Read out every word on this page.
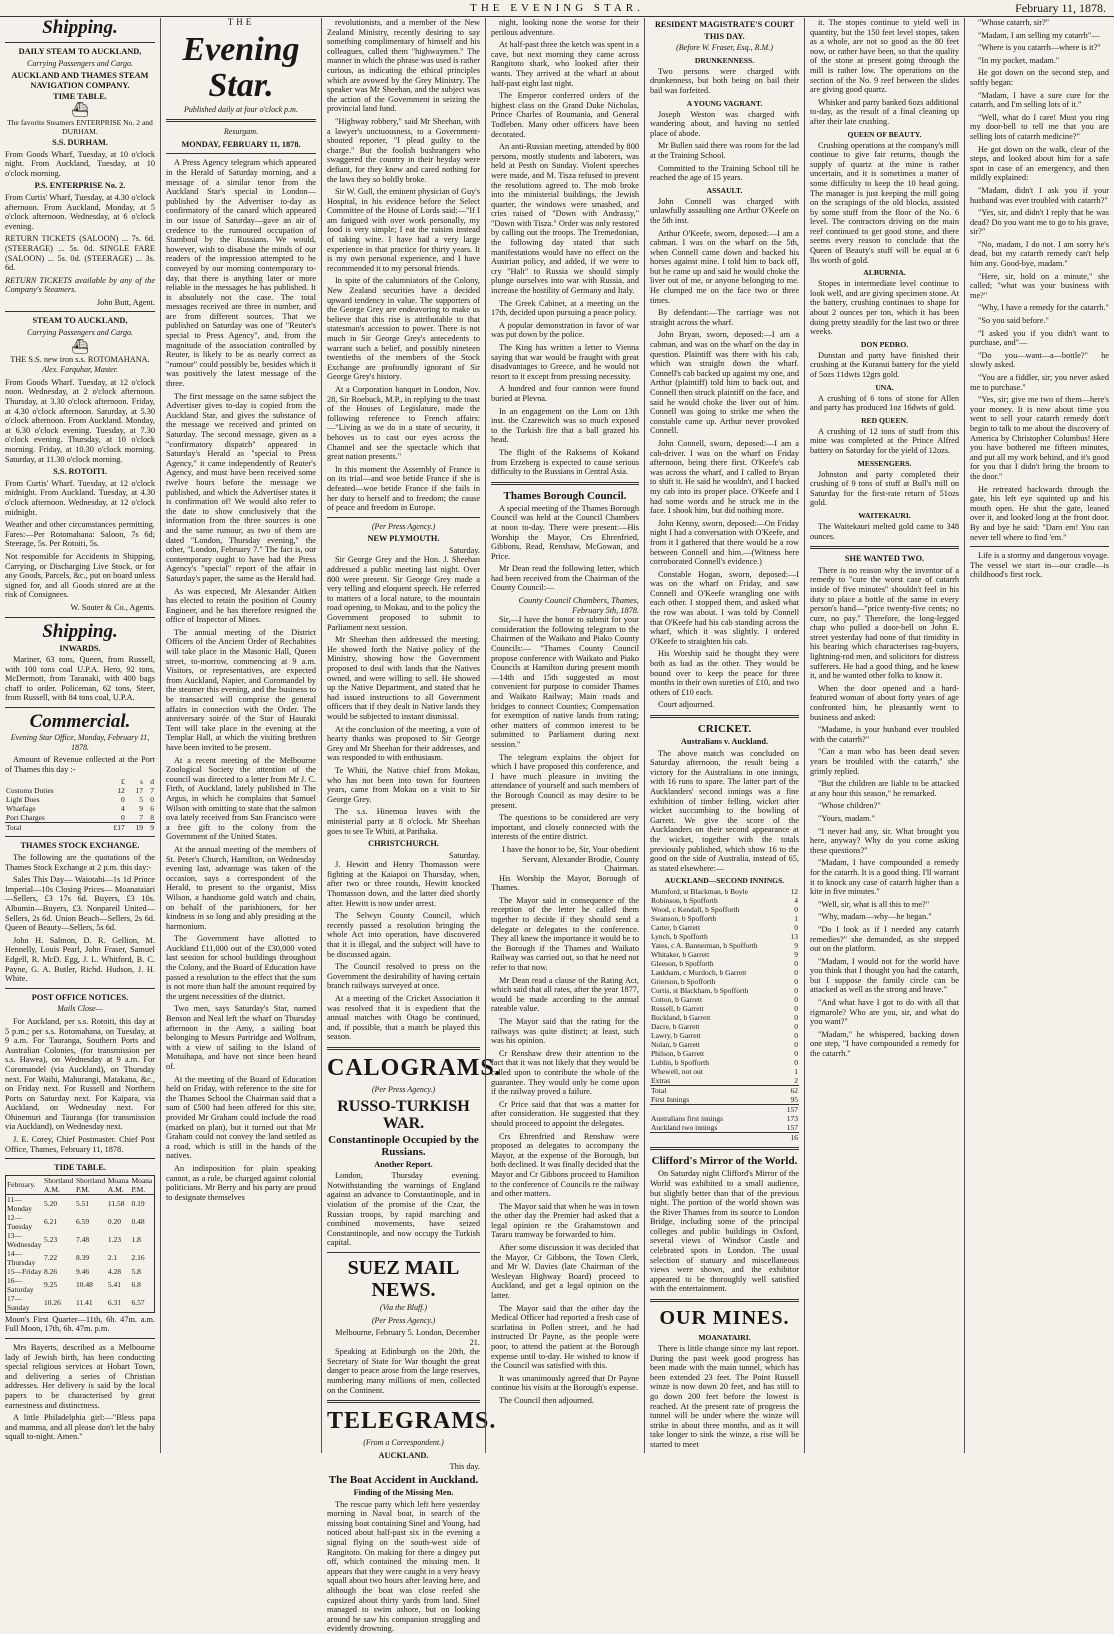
THE EVENING STAR.	February 11, 1878.
Shipping.
DAILY STEAM TO AUCKLAND,
Carrying Passengers and Cargo.
AUCKLAND AND THAMES STEAM NAVIGATION COMPANY.
TIME TABLE.
⛴
The favorite Steamers ENTERPRISE No. 2 and DURHAM.
S.S. DURHAM.

From Goods Wharf, Tuesday, at 10 o'clock night. From Auckland, Tuesday, at 10 o'clock morning.

P.S. ENTERPRISE No. 2.

From Curtis' Wharf, Tuesday, at 4.30 o'clock afternoon. From Auckland, Monday, at 5 o'clock afternoon. Wednesday, at 6 o'clock evening.

RETURN TICKETS (SALOON) ... 7s. 6d. (STEERAGE) ... 5s. 0d. SINGLE FARE (SALOON) ... 5s. 0d. (STEERAGE) ... 3s. 6d.

RETURN TICKETS available by any of the Company's Steamers.

John Butt, Agent.
STEAM TO AUCKLAND,
Carrying Passengers and Cargo.
⛴
THE S.S. new iron s.s. ROTOMAHANA.
Alex. Farquhar, Master.

From Goods Wharf. Tuesday, at 12 o'clock noon. Wednesday, at 2 o'clock afternoon. Thursday, at 3.30 o'clock afternoon. Friday, at 4.30 o'clock afternoon. Saturday, at 5.30 o'clock afternoon. From Auckland. Monday, at 6.30 o'clock evening. Tuesday, at 7.30 o'clock evening. Thursday, at 10 o'clock morning. Friday, at 10.30 o'clock morning. Saturday, at 11.30 o'clock morning.

S.S. ROTOITI.

From Curtis' Wharf. Tuesday, at 12 o'clock midnight. From Auckland. Tuesday, at 4.30 o'clock afternoon. Wednesday, at 12 o'clock midnight.

Weather and other circumstances permitting. Fares:—Per Rotomahana: Saloon, 7s 6d; Steerage, 5s. Per Rotoiti, 5s.

Not responsible for Accidents in Shipping, Carrying, or Discharging Live Stock, or for any Goods, Parcels, &c., put on board unless signed for, and all Goods stored are at the risk of Consignees.

W. Souter & Co., Agents.
Shipping.
INWARDS.

Mariner, 63 tons, Queen, from Russell, with 100 tons coal U.P.A. Hero, 92 tons, McDermott, from Taranaki, with 400 bags chaff to order. Policeman, 62 tons, Steer, from Russell, with 84 tons coal, U.P.A.

Commercial.
Evening Star Office, Monday, February 11, 1878.

Amount of Revenue collected at the Port of Thames this day :-

	£	s	d
Customs Duties	12	17	7
Light Dues	0	5	0
Wharfage	4	9	6
Port Charges	0	7	8
Total	£17	19	9
THAMES STOCK EXCHANGE.

The following are the quotations of the Thames Stock Exchange at 2 p.m. this day:-

Sales This Day— Waiotahi—1s 1d Prince Imperial—10s Closing Prices— Moanataiari—Sellers, £3 17s 6d. Buyers, £3 10s. Albumin—Buyers, £3. Nonpareil United—Sellers, 2s 6d. Union Beach—Sellers, 2s 6d. Queen of Beauty—Sellers, 5s 6d.

John H. Salmon, D. R. Gellion, M. Hennelly, Louis Pearl, John Fraser, Samuel Edgell, R. McD. Egg, J. L. Whitford, B. C. Payne, G. A. Butler, Richd. Hudson, J. H. White.

POST OFFICE NOTICES.
Mails Close—

For Auckland, per s.s. Rotoiti, this day at 5 p.m.; per s.s. Rotomahana, on Tuesday, at 9 a.m. For Tauranga, Southern Ports and Australian Colonies, (for transmission per s.s. Hawea), on Wednesday at 9 a.m. For Coromandel (via Auckland), on Thursday next. For Waihi, Mahurangi, Matakana, &c., on Friday next. For Russell and Northern Ports on Saturday next. For Kaipara, via Auckland, on Wednesday next. For Ohinemuri and Tauranga (for transmission via Auckland), on Wednesday next.

J. E. Corey, Chief Postmaster. Chief Post Office, Thames, February 11, 1878.

TIDE TABLE.
February.	Shortland A.M.	Shortland P.M.	Moana A.M.	Moana P.M.
11—Monday	5.20	5.51	11.58	0.19
12—Tuesday	6.21	6.59	0.20	0.48
13—Wednesday	5.23	7.48	1.23	1.8
14—Thursday	7.22	8.39	2.1	2.16
15—Friday	8.26	9.46	4.28	5.8
16—Saturday	9.25	10.48	5.41	6.8
17—Sunday	10.26	11.41	6.31	6.57

Moon's First Quarter—11th, 6h. 47m. a.m. Full Moon, 17th, 6h. 47m. p.m.

Mrs Bayerts, described as a Melbourne lady of Jewish birth, has been conducting special religious services at Hobart Town, and delivering a series of Christian addresses. Her delivery is said by the local papers to be characterised by great earnestness and distinctness.

A little Philadelphia girl:—"Bless papa and mamma, and all please don't let the baby squall to-night. Amen."

THE
Evening Star.
Published daily at four o'clock p.m.
Resurgam.
MONDAY, FEBRUARY 11, 1878.

A Press Agency telegram which appeared in the Herald of Saturday morning, and a message of a similar tenor from the Auckland Star's special in London—published by the Advertiser to-day as confirmatory of the canard which appeared in our issue of Saturday—gave an air of credence to the rumoured occupation of Stamboul by the Russians. We would, however, wish to disabuse the minds of our readers of the impression attempted to be conveyed by our morning contemporary to-day, that there is anything later or more reliable in the messages he has published. It is absolutely not the case. The total messages received are three in number, and are from different sources. That we published on Saturday was one of "Reuter's special to Press Agency", and, from the magnitude of the association controlled by Reuter, is likely to be as nearly correct as "rumour" could possibly be, besides which it was positively the latest message of the three.

The first message on the same subject the Advertiser gives to-day is copied from the Auckland Star, and gives the substance of the message we received and printed on Saturday. The second message, given as a "confirmatory dispatch" appeared in Saturday's Herald as "special to Press Agency," it came independently of Reuter's Agency, and must have been received some twelve hours before the message we published, and which the Advertiser states it is confirmation of! We would also refer to the date to show conclusively that the information from the three sources is one and the same rumour, as two of them are dated "London, Thursday evening," the other, "London, February 7." The fact is, our contemporary ought to have had the Press Agency's "special" report of the affair in Saturday's paper, the same as the Herald had.

As was expected, Mr Alexander Aitken has elected to retain the position of County Engineer, and he has therefore resigned the office of Inspector of Mines.

The annual meeting of the District Officers of the Ancient Order of Rechabites will take place in the Masonic Hall, Queen street, to-morrow, commencing at 9 a.m. Visitors, or representatives, are expected from Auckland, Napier, and Coromandel by the steamer this evening, and the business to be transacted will comprise the general affairs in connection with the Order. The anniversary soirée of the Star of Hauraki Tent will take place in the evening at the Templar Hall, at which the visiting brethren have been invited to be present.

At a recent meeting of the Melbourne Zoological Society the attention of the council was directed to a letter from Mr J. C. Firth, of Auckland, lately published in The Argus, in which he complains that Samuel Wilson with omitting to state that the salmon ova lately received from San Francisco were a free gift to the colony from the Government of the United States.

At the annual meeting of the members of St. Peter's Church, Hamilton, on Wednesday evening last, advantage was taken of the occasion, says a correspondent of the Herald, to present to the organist, Miss Wilson, a handsome gold watch and chain, on behalf of the parishioners, for her kindness in so long and ably presiding at the harmonium.

The Government have allotted to Auckland £11,000 out of the £30,000 voted last session for school buildings throughout the Colony, and the Board of Education have passed a resolution to the effect that the sum is not more than half the amount required by the urgent necessities of the district.

Two men, says Saturday's Star, named Benson and Neal left the wharf on Thursday afternoon in the Amy, a sailing boat belonging to Messrs Partridge and Wolfram, with a view of sailing to the Island of Motuihapa, and have not since been heard of.

At the meeting of the Board of Education held on Friday, with reference to the site for the Thames School the Chairman said that a sum of £500 had been offered for this site, provided Mr Graham could include the road (marked on plan), but it turned out that Mr Graham could not convey the land settled as a road, which is still in the hands of the natives.

An indisposition for plain speaking cannot, as a rule, be charged against colonial politicians. Mr Berry and his party are proud to designate themselves

revolutionists, and a member of the New Zealand Ministry, recently desiring to say something complimentary of himself and his colleagues, called them "highwaymen." The manner in which the phrase was used is rather curious, as indicating the ethical principles which are avowed by the Grey Ministry. The speaker was Mr Sheehan, and the subject was the action of the Government in seizing the provincial land fund.

"Highway robbery," said Mr Sheehan, with a lawyer's unctuousness, to a Government-shouted reporter, "I plead guilty to the charge." But the foolish bushrangers who swaggered the country in their heyday were defiant, for they knew and cared nothing for the laws they so boldly broke.

Sir W. Gull, the eminent physician of Guy's Hospital, in his evidence before the Select Committee of the House of Lords said:—"If I am fatigued with over work personally, my food is very simple; I eat the raisins instead of taking wine. I have had a very large experience in that practice for thirty years. It is my own personal experience, and I have recommended it to my personal friends.

In spite of the calumniators of the Colony, New Zealand securities have a decided upward tendency in value. The supporters of the George Grey are endeavoring to make us believe that this rise is attributable to that statesman's accession to power. There is not much in Sir George Grey's antecedents to warrant such a belief, and possibly nineteen twentieths of the members of the Stock Exchange are profoundly ignorant of Sir George Grey's history.

At a Corporation banquet in London, Nov. 28, Sir Roebuck, M.P., in replying to the toast of the Houses of Legislature, made the following reference to French affairs:—"Living as we do in a state of security, it behoves us to cast our eyes across the Channel and see the spectacle which that great nation presents."

In this moment the Assembly of France is on its trial—and woe betide France if she is defeated—woe betide France if she fails in her duty to herself and to freedom; the cause of peace and freedom in Europe.

(Per Press Agency.)
NEW PLYMOUTH.
Saturday.

Sir George Grey and the Hon. J. Sheehan addressed a public meeting last night. Over 800 were present. Sir George Grey made a very telling and eloquent speech. He referred to matters of a local nature, to the mountain road opening, to Mokau, and to the policy the Government proposed to submit to Parliament next session.

Mr Sheehan then addressed the meeting. He showed forth the Native policy of the Ministry, showing how the Government proposed to deal with lands that the Natives owned, and were willing to sell. He showed up the Native Department, and stated that he had issued instructions to all Government officers that if they dealt in Native lands they would be subjected to instant dismissal.

At the conclusion of the meeting, a vote of hearty thanks was proposed to Sir George Grey and Mr Sheehan for their addresses, and was responded to with enthusiasm.

Te Whiti, the Native chief from Mokau, who has not been into town for fourteen years, came from Mokau on a visit to Sir George Grey.

The s.s. Hinemoa leaves with the ministerial party at 8 o'clock. Mr Sheehan goes to see Te Whiti, at Parihaka.

CHRISTCHURCH.
Saturday.

J. Hewitt and Henry Thomasson were fighting at the Kaiapoi on Thursday, when, after two or three rounds, Hewitt knocked Thomasson down, and the latter died shortly after. Hewitt is now under arrest.

The Selwyn County Council, which recently passed a resolution bringing the whole Act into operation, have discovered that it is illegal, and the subject will have to be discussed again.

The Council resolved to press on the Government the desirability of having certain branch railways surveyed at once.

At a meeting of the Cricket Association it was resolved that it is expedient that the annual matches with Otago be continued, and, if possible, that a match be played this season.

CALOGRAMS.
(Per Press Agency.)
RUSSO-TURKISH WAR.
Constantinople Occupied by the Russians.
Another Report.

London, Thursday evening. Notwithstanding the warnings of England against an advance to Constantinople, and in violation of the promise of the Czar, the Russian troops, by rapid marching and combined movements, have seized Constantinople, and now occupy the Turkish capital.

SUEZ MAIL NEWS.
(Via the Bluff.)
(Per Press Agency.)
Melbourne, February 5. London, December 21.

Speaking at Edinburgh on the 20th, the Secretary of State for War thought the great danger to peace arose from the large reserves, numbering many millions of men, collected on the Continent.

TELEGRAMS.
(From a Correspondent.)
AUCKLAND.
This day.
The Boat Accident in Auckland.
Finding of the Missing Men.

The rescue party which left here yesterday morning in Naval boat, in search of the missing boat containing Sinel and Young, had noticed about half-past six in the evening a signal flying on the south-west side of Rangitoto. On making for there a dingey put off, which contained the missing men. It appears that they were caught in a very heavy squall about two hours after leaving here, and although the boat was close reefed she capsized about thirty yards from land. Sinel managed to swim ashore, but on looking around he saw his companion struggling and evidently drowning.

night, looking none the worse for their perilous adventure.

At half-past three the ketch was spent in a cave, but next morning they came across Rangitoto shark, who looked after their wants. They arrived at the wharf at about half-past eight last night.

The Emperor conferred orders of the highest class on the Grand Duke Nicholas, Prince Charles of Roumania, and General Todleben. Many other officers have been decorated.

An anti-Russian meeting, attended by 800 persons, mostly students and laborers, was held at Pesth on Sunday. Violent speeches were made, and M. Tisza refused to prevent the resolutions agreed to. The mob broke into the ministerial buildings, the Jewish quarter, the windows were smashed, and cries raised of "Down with Andrassy," "Down with Tisza." Order was only restored by calling out the troops. The Tremedonian, the following day stated that such manifestations would have no effect on the Austrian policy, and added, if we were to cry "Halt" to Russia we should simply plunge ourselves into war with Russia, and increase the hostility of Germany and Italy.

The Greek Cabinet, at a meeting on the 17th, decided upon pursuing a peace policy.

A popular demonstration in favor of war was put down by the police.

The King has written a letter to Vienna saying that war would be fraught with great disadvantages to Greece, and he would not resort to it except from pressing necessity.

A hundred and four cannon were found buried at Plevna.

In an engagement on the Lom on 13th inst. the Czarewitch was so much exposed to the Turkish fire that a ball grazed his head.

The flight of the Raksems of Kokand from Erzeberg is expected to cause serious difficulty to the Russians in Central Asia.

Thames Borough Council.

A special meeting of the Thames Borough Council was held at the Council Chambers at noon to-day. There were present:—His Worship the Mayor, Crs Ehrenfried, Gibbons, Read, Renshaw, McGowan, and Price.

Mr Dean read the following letter, which had been received from the Chairman of the County Council:—

County Council Chambers, Thames, February 5th, 1878.

Sir,—I have the honor to submit for your consideration the following telegram to the Chairmen of the Waikato and Piako County Councils:— "Thames County Council propose conference with Waikato and Piako Councils at Hamilton during present month—14th and 15th suggested as most convenient for purpose to consider Thames and Waikato Railway; Main roads and bridges to connect Counties; Compensation for exemption of native lands from rating; other matters of common interest to be submitted to Parliament during next session."

The telegram explains the object for which I have proposed this conference, and I have much pleasure in inviting the attendance of yourself and such members of the Borough Council as may desire to be present.

The questions to be considered are very important, and closely connected with the interests of the entire district.

I have the honor to be, Sir, Your obedient Servant, Alexander Brodie, County Chairman.

His Worship the Mayor, Borough of Thames.

The Mayor said in consequence of the reception of the letter he called them together to decide if they should send a delegate or delegates to the conference. They all knew the importance it would be to the Borough if the Thames and Waikato Railway was carried out, so that he need not refer to that now.

Mr Dean read a clause of the Rating Act, which said that all rates, after the year 1877, would be made according to the annual rateable value.

The Mayor said that the rating for the railways was quite distinct; at least, such was his opinion.

Cr Renshaw drew their attention to the fact that it was not likely that they would be called upon to contribute the whole of the guarantee. They would only be come upon if the railway proved a failure.

Cr Price said that that was a matter for after consideration. He suggested that they should proceed to appoint the delegates.

Crs Ehrenfried and Renshaw were proposed as delegates to accompany the Mayor, at the expense of the Borough, but both declined. It was finally decided that the Mayor and Cr Gibbons proceed to Hamilton to the conference of Councils re the railway and other matters.

The Mayor said that when he was in town the other day the Premier had asked that a legal opinion re the Grahamstown and Tararu tramway be forwarded to him.

After some discussion it was decided that the Mayor, Cr Gibbons, the Town Clerk, and Mr W. Davies (late Chairman of the Wesleyan Highway Board) proceed to Auckland, and get a legal opinion on the latter.

The Mayor said that the other day the Medical Officer had reported a fresh case of scarlatina in Pollen street, and he had instructed Dr Payne, as the people were poor, to attend the patient at the Borough expense until to-day. He wished to know if the Council was satisfied with this.

It was unanimously agreed that Dr Payne continue his visits at the Borough's expense.

The Council then adjourned.

RESIDENT MAGISTRATE'S COURT
THIS DAY.
(Before W. Fraser, Esq., R.M.)
DRUNKENNESS.

Two persons were charged with drunkenness, but both being on bail their bail was forfeited.

A YOUNG VAGRANT.

Joseph Weston was charged with wandering about, and having no settled place of abode.

Mr Bullen said there was room for the lad at the Training School.

Committed to the Training School till he reached the age of 15 years.

ASSAULT.

John Connell was charged with unlawfully assaulting one Arthur O'Keefe on the 5th inst.

Arthur O'Keefe, sworn, deposed:—I am a cabman. I was on the wharf on the 5th, when Connell came down and backed his horses against mine. I told him to back off, but he came up and said he would choke the liver out of me, or anyone belonging to me. He clumped me on the face two or three times.

By defendant:—The carriage was not straight across the wharf.

John Bryan, sworn, deposed:—I am a cabman, and was on the wharf on the day in question. Plaintiff was there with his cab, which was straight down the wharf. Connell's cab backed up against my one, and Arthur (plaintiff) told him to back out, and Connell then struck plaintiff on the face, and said he would choke the liver out of him. Connell was going to strike me when the constable came up. Arthur never provoked Connell.

John Connell, sworn, deposed:—I am a cab-driver. I was on the wharf on Friday afternoon, being there first. O'Keefe's cab was across the wharf, and I called to Bryan to shift it. He said he wouldn't, and I backed my cab into its proper place. O'Keefe and I had some words and he struck me in the face. I shook him, but did nothing more.

John Kenny, sworn, deposed:—On Friday night I had a conversation with O'Keefe, and from it I gathered that there would be a row between Connell and him.—(Witness here corroborated Connell's evidence.)

Constable Hogan, sworn, deposed:—I was on the wharf on Friday, and saw Connell and O'Keefe wrangling one with each other. I stopped them, and asked what the row was about. I was told by Connell that O'Keefe had his cab standing across the wharf, which it was slightly. I ordered O'Keefe to straighten his cab.

His Worship said he thought they were both as bad as the other. They would be bound over to keep the peace for three months in their own sureties of £10, and two others of £10 each.

Court adjourned.

CRICKET.
Australians v. Auckland.

The above match was concluded on Saturday afternoon, the result being a victory for the Australians in one innings, with 16 runs to spare. The latter part of the Aucklanders' second innings was a fine exhibition of timber felling, wicket after wicket succumbing to the bowling of Garrett. We give the score of the Aucklanders on their second appearance at the wicket, together with the totals previously published, which show 16 to the good on the side of Australia, instead of 65, as stated elsewhere:—

AUCKLAND—SECOND INNINGS.
Mumford, st Blackman, b Boyle	12
Robinson, b Spofforth	4
Wood, c Kendall, b Spofforth	0
Swanson, b Spofforth	1
Carter, b Garrett	0
Lynch, b Spofforth	13
Yates, c A. Bannerman, b Spofforth	9
Whitaker, b Garrett	9
Gleeson, b Spofforth	0
Lankham, c Murdoch, b Garrett	0
Grierson, b Spofforth	0
Curtis, st Blackham, b Spofforth	0
Cotton, b Garrett	0
Russell, b Garrett	0
Buckland, b Garrett	0
Dacre, b Garrett	0
Lawry, b Garrett	0
Nolan, b Garrett	0
Philson, b Garrett	0
Lublin, b Spofforth	0
Whewell, not out	1
Extras	2
Total	62
First Innings	95
	157
Australians first innings	173
Auckland two innings	157
	16
Clifford's Mirror of the World.

On Saturday night Clifford's Mirror of the World was exhibited to a small audience, but slightly better than that of the previous night. The portion of the world shown was the River Thames from its source to London Bridge, including some of the principal colleges and public buildings in Oxford, several views of Windsor Castle and celebrated spots in London. The usual selection of statuary and miscellaneous views were shown, and the exhibitor appeared to be thoroughly well satisfied with the entertainment.

OUR MINES.
MOANATAIRI.

There is little change since my last report. During the past week good progress has been made with the main tunnel, which has been extended 23 feet. The Point Russell winze is now down 20 feet, and has still to go down 200 feet before the lowest is reached. At the present rate of progress the tunnel will be under where the winze will strike in about three months, and as it will take longer to sink the winze, a rise will be started to meet

it. The stopes continue to yield well in quantity, but the 150 feet level stopes, taken as a whole, are not so good as the 80 feet now, or rather have been, so that the quality of the stone at present going through the mill is rather low. The operations on the section of the No. 9 reef between the slides are giving good quartz.

Whisker and party banked 6ozs additional to-day, as the result of a final cleaning up after their late crushing.

QUEEN OF BEAUTY.

Crushing operations at the company's mill continue to give fair returns, though the supply of quartz at the mine is rather uncertain, and it is sometimes a matter of some difficulty to keep the 10 head going. The manager is just keeping the mill going on the scrapings of the old blocks, assisted by some stuff from the floor of the No. 6 level. The contractors driving on the main reef continued to get good stone, and there seems every reason to conclude that the Queen of Beauty's stuff will be equal at 6 lbs worth of gold.

ALBURNIA.

Stopes in intermediate level continue to look well, and are giving specimen stone. At the battery, crushing continues to shape for about 2 ounces per ton, which it has been doing pretty steadily for the last two or three weeks.

DON PEDRO.

Dunstan and party have finished their crushing at the Kuranui battery for the yield of 5ozs 11dwts 12grs gold.

UNA.

A crushing of 6 tons of stone for Allen and party has produced 1oz 16dwts of gold.

RED QUEEN.

A crushing of 12 tons of stuff from this mine was completed at the Prince Alfred battery on Saturday for the yield of 12ozs.

MESSENGERS.

Johnston and party completed their crushing of 9 tons of stuff at Bull's mill on Saturday for the first-rate return of 51ozs gold.

WAITEKAURI.

The Waitekauri melted gold came to 348 ounces.

SHE WANTED TWO.

There is no reason why the inventor of a remedy to "cure the worst case of catarrh inside of five minutes" shouldn't feel in his duty to place a bottle of the same in every person's hand—"price twenty-five cents; no cure, no pay." Therefore, the long-legged chap who pulled a door-bell on John E. street yesterday had none of that timidity in his bearing which characterises rag-buyers, lightning-rod men, and solicitors for distress sufferers. He had a good thing, and he knew it, and he wanted other folks to know it.

When the door opened and a hard-featured woman of about forty years of age confronted him, he pleasantly went to business and asked:

"Madame, is your husband ever troubled with the catarrh?"

"Can a man who has been dead seven years be troubled with the catarrh," she grimly replied.

"But the children are liable to be attacked at any hour this season," he remarked.

"Whose children?"

"Yours, madam."

"I never had any, sir. What brought you here, anyway? Why do you come asking these questions?"

"Madam, I have compounded a remedy for the catarrh. It is a good thing. I'll warrant it to knock any case of catarrh higher than a kite in five minutes."

"Well, sir, what is all this to me?"

"Why, madam—why—he began."

"Do I look as if I needed any catarrh remedies?" she demanded, as she stepped out on the platform.

"Madam, I would not for the world have you think that I thought you had the catarrh, but I suppose the family circle can be attacked as well as the strong and brave."

"And what have I got to do with all that rigmarole? Who are you, sir, and what do you want?"

"Madam," he whispered, backing down one step, "I have compounded a remedy for the catarrh."

"Whose catarrh, sir?"

"Madam, I am selling my catarrh"—

"Where is you catarrh—where is it?"

"In my pocket, madam."

He got down on the second step, and softly began:

"Madam, I have a sure cure for the catarrh, and I'm selling lots of it."

"Well, what do I care! Must you ring my door-bell to tell me that you are selling lots of catarrh medicine?"

He got down on the walk, clear of the steps, and looked about him for a safe spot in case of an emergency, and then mildly explained:

"Madam, didn't I ask you if your husband was ever troubled with catarrh?"

"Yes, sir, and didn't I reply that he was dead? Do you want me to go to his grave, sir?"

"No, madam, I do not. I am sorry he's dead, but my catarrh remedy can't help him any. Good-bye, madam."

"Here, sir, hold on a minute," she called; "what was your business with me?"

"Why, I have a remedy for the catarrh."

"So you said before."

"I asked you if you didn't want to purchase, and"—

"Do you—want—a—bottle?" he slowly asked.

"You are a fiddler, sir; you never asked me to purchase."

"Yes, sir; give me two of them—here's your money. It is now about time you went to sell your catarrh remedy don't begin to talk to me about the discovery of America by Christopher Columbus! Here you have bothered me fifteen minutes, and put all my work behind, and it's good for you that I didn't bring the broom to the door."

He retreated backwards through the gate, his left eye squinted up and his mouth open. He shut the gate, leaned over it, and looked long at the front door. By and bye he said: "Darn em! You can never tell where to find 'em."

Life is a stormy and dangerous voyage. The vessel we start in—our cradle—is childhood's first rock.
